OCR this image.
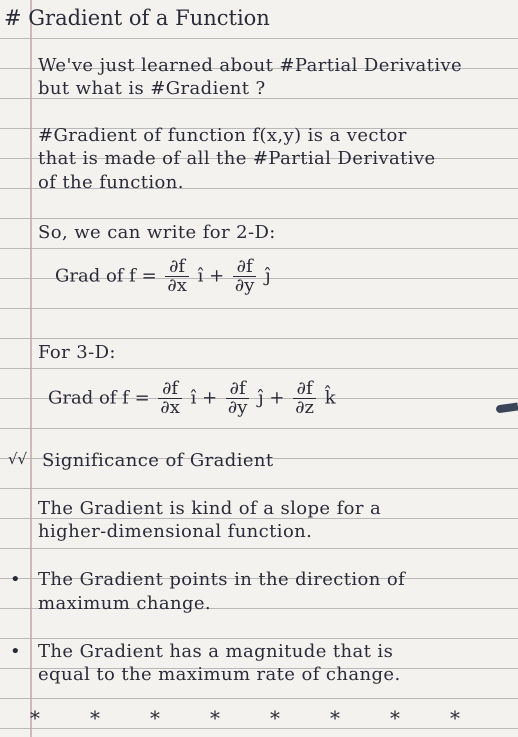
# Gradient of a Function
We've just learned about #Partial Derivative
but what is #Gradient ?
#Gradient of function f(x,y) is a vector
that is made of all the #Partial Derivative
of the function.
So, we can write for 2-D:
Grad of $f = \frac{\partial f}{\partial x}$ î + $\frac{\partial f}{\partial y}$ ĵ
For 3-D:
Grad of $f = \frac{\partial f}{\partial x}$ î + $\frac{\partial f}{\partial y}$ ĵ + $\frac{\partial f}{\partial z}$ k̂
√√ Significance of Gradient
The Gradient is kind of a slope for a
higher-dimensional function.
• The Gradient points in the direction of
maximum change.
• The Gradient has a magnitude that is
equal to the maximum rate of change.
*	*	*	*	*	*	*	*
